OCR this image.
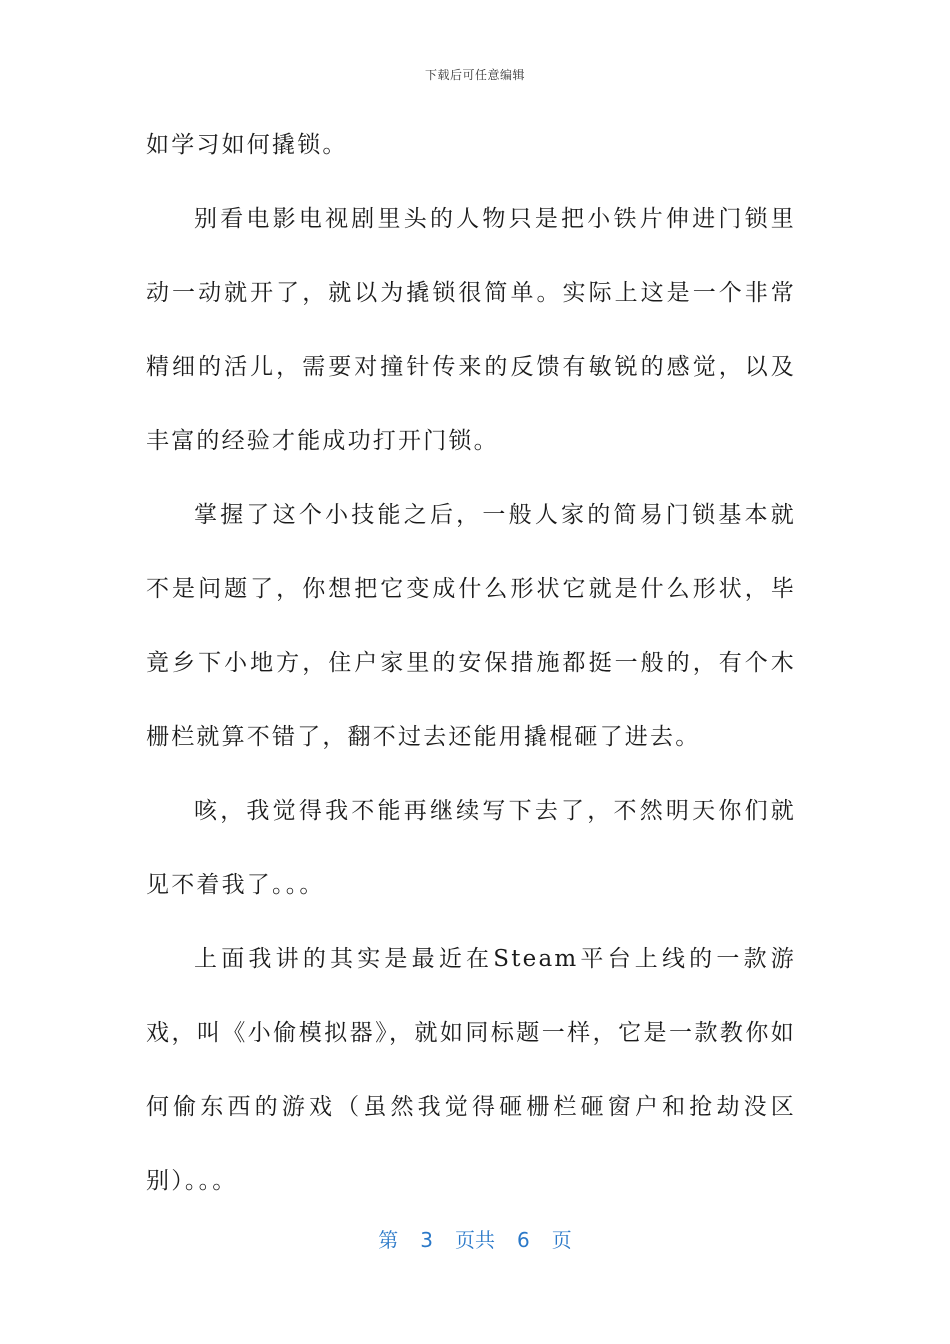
下载后可任意编辑

如学习如何撬锁。

别看电影电视剧里头的人物只是把小铁片伸进门锁里动一动就开了，就以为撬锁很简单。实际上这是一个非常精细的活儿，需要对撞针传来的反馈有敏锐的感觉，以及丰富的经验才能成功打开门锁。

掌握了这个小技能之后，一般人家的简易门锁基本就不是问题了，你想把它变成什么形状它就是什么形状，毕竟乡下小地方，住户家里的安保措施都挺一般的，有个木栅栏就算不错了，翻不过去还能用撬棍砸了进去。

咳，我觉得我不能再继续写下去了，不然明天你们就见不着我了。。。

上面我讲的其实是最近在Steam平台上线的一款游戏，叫《小偷模拟器》，就如同标题一样，它是一款教你如何偷东西的游戏（虽然我觉得砸栅栏砸窗户和抢劫没区别）。。。

第 3 页共 6 页
